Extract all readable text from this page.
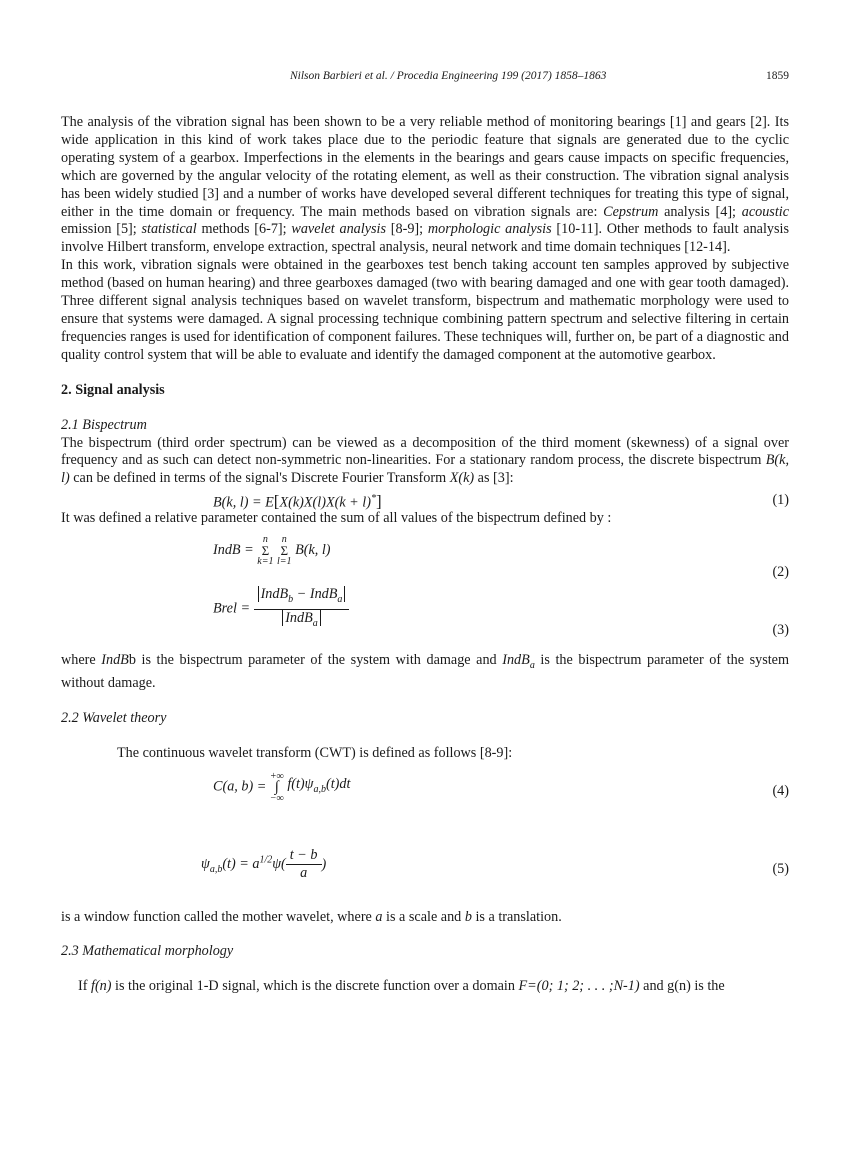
Nilson Barbieri et al. / Procedia Engineering 199 (2017) 1858–1863	1859

The analysis of the vibration signal has been shown to be a very reliable method of monitoring bearings [1] and gears [2]. Its wide application in this kind of work takes place due to the periodic feature that signals are generated due to the cyclic operating system of a gearbox. Imperfections in the elements in the bearings and gears cause impacts on specific frequencies, which are governed by the angular velocity of the rotating element, as well as their construction. The vibration signal analysis has been widely studied [3] and a number of works have developed several different techniques for treating this type of signal, either in the time domain or frequency. The main methods based on vibration signals are: Cepstrum analysis [4]; acoustic emission [5]; statistical methods [6-7]; wavelet analysis [8-9]; morphologic analysis [10-11]. Other methods to fault analysis involve Hilbert transform, envelope extraction, spectral analysis, neural network and time domain techniques [12-14].

In this work, vibration signals were obtained in the gearboxes test bench taking account ten samples approved by subjective method (based on human hearing) and three gearboxes damaged (two with bearing damaged and one with gear tooth damaged). Three different signal analysis techniques based on wavelet transform, bispectrum and mathematic morphology were used to ensure that systems were damaged. A signal processing technique combining pattern spectrum and selective filtering in certain frequencies ranges is used for identification of component failures. These techniques will, further on, be part of a diagnostic and quality control system that will be able to evaluate and identify the damaged component at the automotive gearbox.

2. Signal analysis

2.1 Bispectrum

The bispectrum (third order spectrum) can be viewed as a decomposition of the third moment (skewness) of a signal over frequency and as such can detect non-symmetric non-linearities. For a stationary random process, the discrete bispectrum B(k, l) can be defined in terms of the signal's Discrete Fourier Transform X(k) as [3]:

B(k, l) = E[X(k)X(l)X(k + l)*]	(1)

It was defined a relative parameter contained the sum of all values of the bispectrum defined by :

IndB =
n
Σ
k=1

n
Σ
l=1
B(k, l)
(2)
Brel = $\frac{IndB_b - IndB_a}{IndB_a}$	(3)

where IndBb is the bispectrum parameter of the system with damage and IndB$_a$ is the bispectrum parameter of the system without damage.

2.2 Wavelet theory

The continuous wavelet transform (CWT) is defined as follows [8-9]:

C(a, b) =
+∞
∫
−∞
$f(t)\psi_{a,b}(t)dt$	(4)
$\psi_{a,b}(t) = a^{1/2}\psi( \frac{t - b}{a}$ )	(5)

is a window function called the mother wavelet, where a is a scale and b is a translation.

2.3 Mathematical morphology

If f(n) is the original 1-D signal, which is the discrete function over a domain F=(0; 1; 2; . . . ;N-1) and g(n) is the
